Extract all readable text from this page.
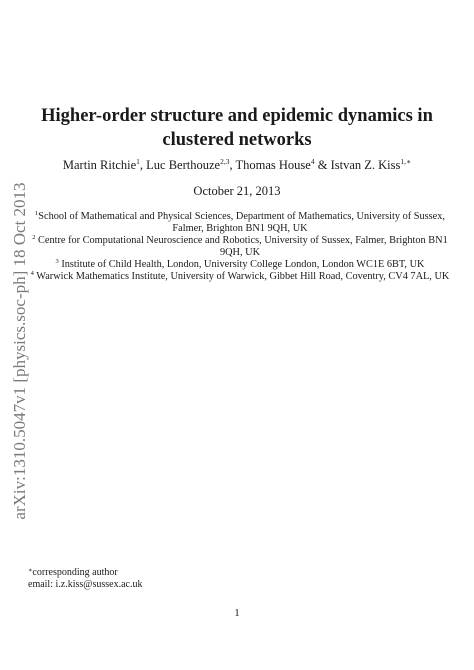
arXiv:1310.5047v1 [physics.soc-ph] 18 Oct 2013
Higher-order structure and epidemic dynamics in
clustered networks
Martin Ritchie$^1$, Luc Berthouze$^{2,3}$, Thomas House$^4$ & Istvan Z. Kiss$^{1,∗}$
October 21, 2013
$^1$School of Mathematical and Physical Sciences, Department of Mathematics, University of Sussex,
Falmer, Brighton BN1 9QH, UK
$^2$ Centre for Computational Neuroscience and Robotics, University of Sussex, Falmer, Brighton BN1
9QH, UK
$^3$ Institute of Child Health, London, University College London, London WC1E 6BT, UK
$^4$ Warwick Mathematics Institute, University of Warwick, Gibbet Hill Road, Coventry, CV4 7AL, UK
∗corresponding author
email: i.z.kiss@sussex.ac.uk
1
